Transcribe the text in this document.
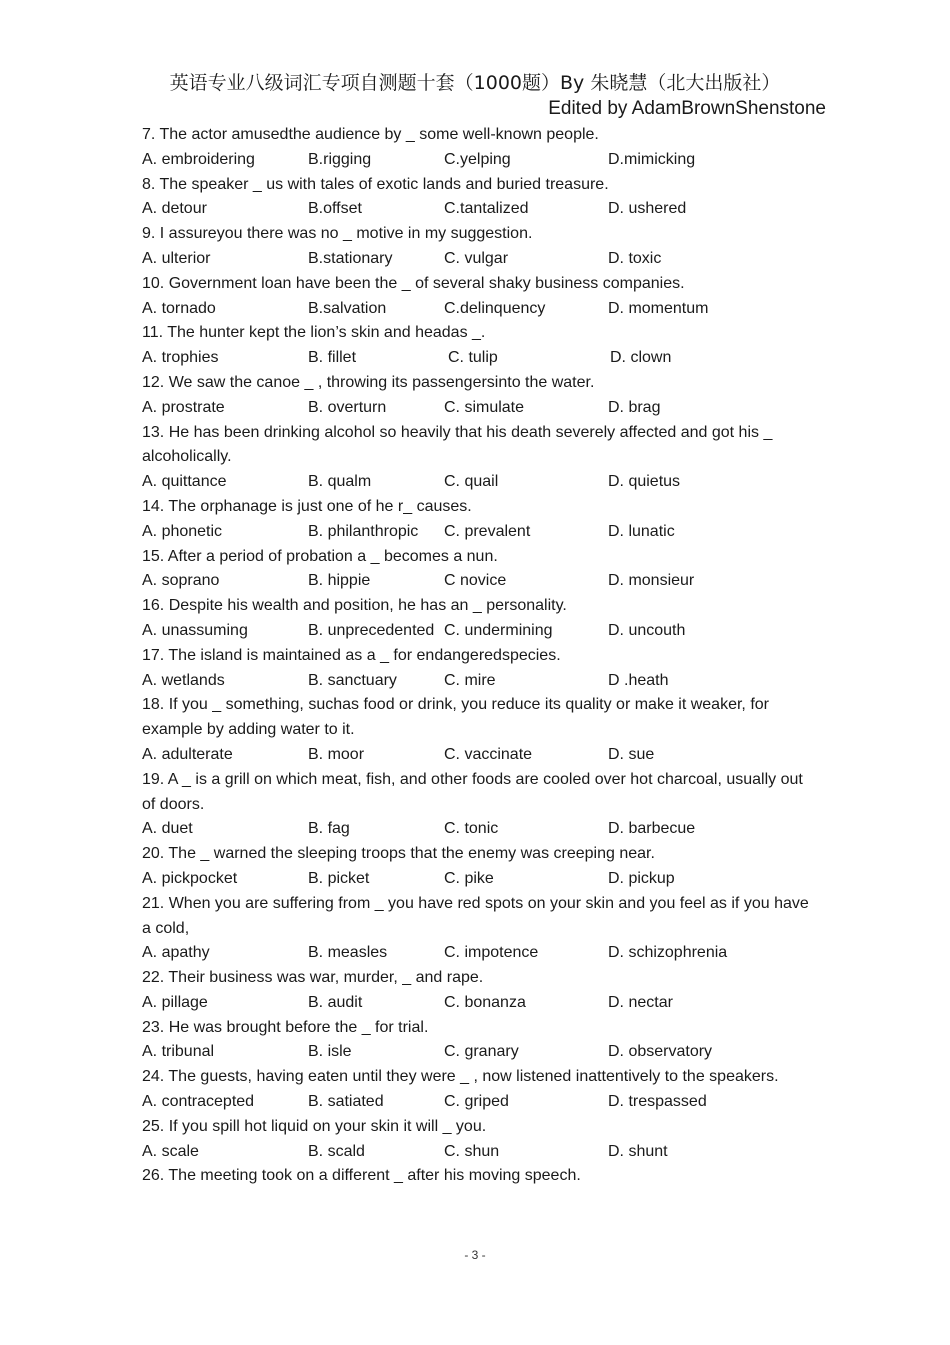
英语专业八级词汇专项自测题十套（1000题）By 朱晓慧（北大出版社）
Edited by AdamBrownShenstone

7. The actor amusedthe audience by _ some well-known people.

A. embroidering	B.rigging	C.yelping	D.mimicking

8. The speaker _ us with tales of exotic lands and buried treasure.

A. detour	B.offset	C.tantalized	D. ushered

9. I assureyou there was no _ motive in my suggestion.

A. ulterior	B.stationary	C. vulgar	D. toxic

10. Government loan have been the _ of several shaky business companies.

A. tornado	B.salvation	C.delinquency	D. momentum

11. The hunter kept the lion’s skin and headas _.

A. trophies	B. fillet	C. tulip	D. clown

12. We saw the canoe _ , throwing its passengersinto the water.

A. prostrate	B. overturn	C. simulate	D. brag

13. He has been drinking alcohol so heavily that his death severely affected and got his _ alcoholically.

A. quittance	B. qualm	C. quail	D. quietus

14. The orphanage is just one of he r_ causes.

A. phonetic	B. philanthropic C. prevalent	D. lunatic

15. After a period of probation a _ becomes a nun.

A. soprano	B. hippie	C novice	D. monsieur

16. Despite his wealth and position, he has an _ personality.

A. unassuming	B. unprecedented C. undermining	D. uncouth

17. The island is maintained as a _ for endangeredspecies.

A. wetlands	B. sanctuary	C. mire	D .heath

18. If you _ something, suchas food or drink, you reduce its quality or make it weaker, for example by adding water to it.

A. adulterate	B. moor	C. vaccinate	D. sue

19. A _ is a grill on which meat, fish, and other foods are cooled over hot charcoal, usually out of doors.

A. duet	B. fag	C. tonic	D. barbecue

20. The _ warned the sleeping troops that the enemy was creeping near.

A. pickpocket	B. picket	C. pike	D. pickup

21. When you are suffering from _ you have red spots on your skin and you feel as if you have a cold,

A. apathy	B. measles	C. impotence	D. schizophrenia

22. Their business was war, murder, _ and rape.

A. pillage	B. audit	C. bonanza	D. nectar

23. He was brought before the _ for trial.

A. tribunal	B. isle	C. granary	D. observatory

24. The guests, having eaten until they were _ , now listened inattentively to the speakers.

A. contracepted	B. satiated	C. griped	D. trespassed

25. If you spill hot liquid on your skin it will _ you.

A. scale	B. scald	C. shun	D. shunt

26. The meeting took on a different _ after his moving speech.

- 3 -
